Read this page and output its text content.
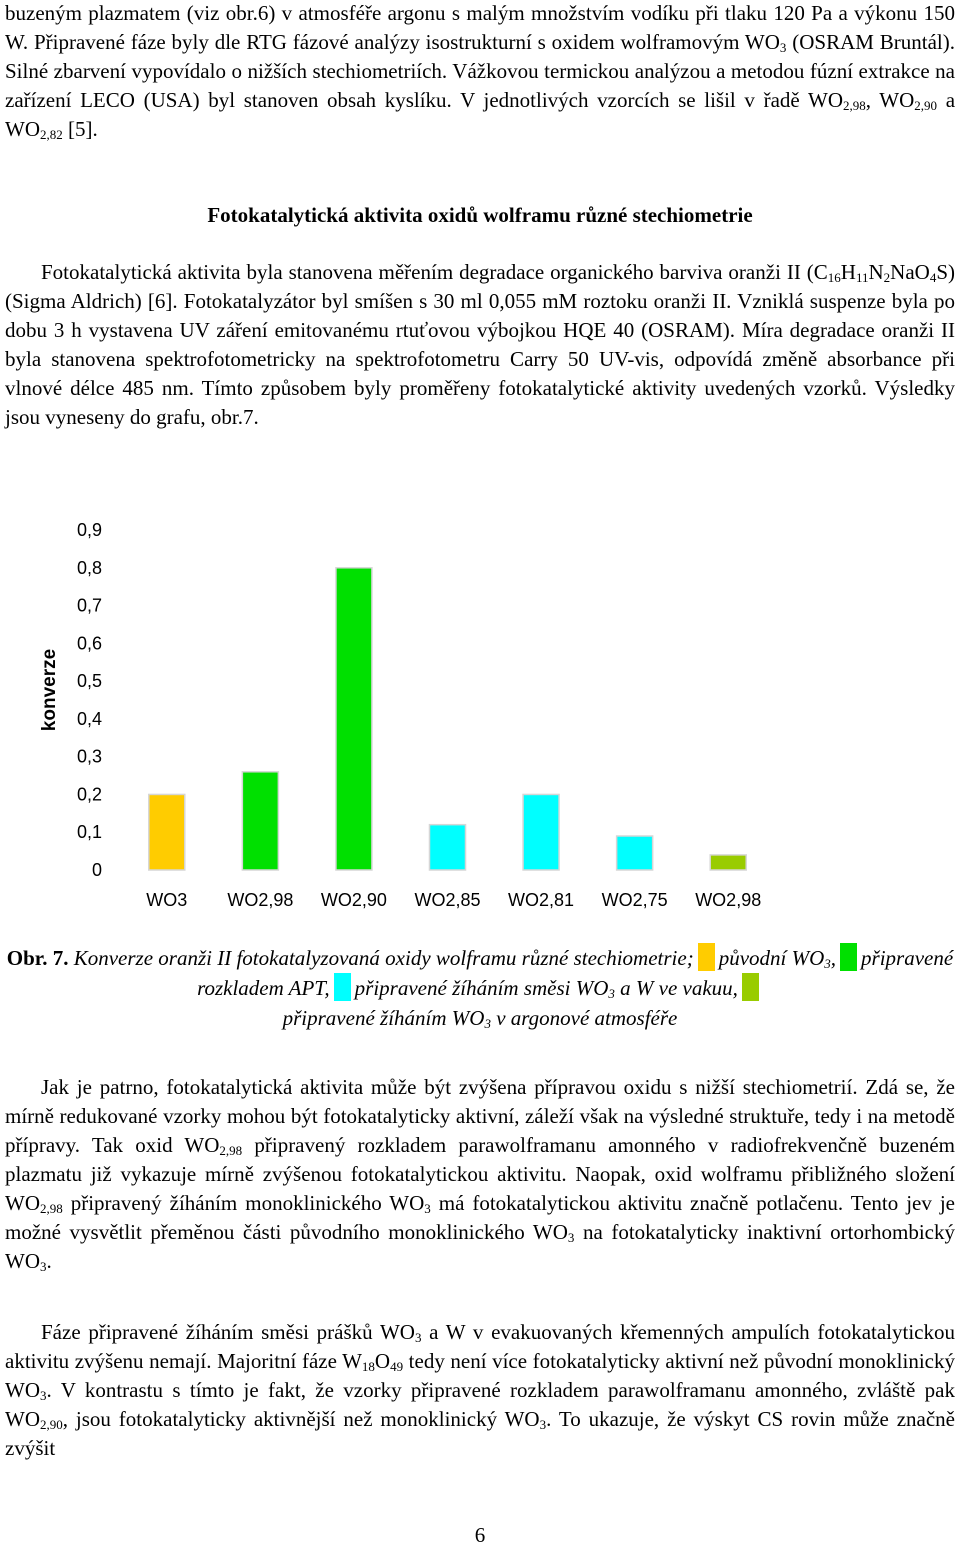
buzeným plazmatem (viz obr.6) v atmosféře argonu s malým množstvím vodíku při tlaku 120 Pa a výkonu 150 W. Připravené fáze byly dle RTG fázové analýzy isostrukturní s oxidem wolframovým $WO_3$ (OSRAM Bruntál). Silné zbarvení vypovídalo o nižších stechiometriích. Vážkovou termickou analýzou a metodou fúzní extrakce na zařízení LECO (USA) byl stanoven obsah kyslíku. V jednotlivých vzorcích se lišil v řadě $WO_{2,98}$, $WO_{2,90}$ a $WO_{2,82}$ [5].

Fotokatalytická aktivita oxidů wolframu různé stechiometrie

Fotokatalytická aktivita byla stanovena měřením degradace organického barviva oranži II $(C_{16}H_{11}N_2NaO_4S)$ (Sigma Aldrich) [6]. Fotokatalyzátor byl smíšen s 30 ml 0,055 mM roztoku oranži II. Vzniklá suspenze byla po dobu 3 h vystavena UV záření emitovanému rtuťovou výbojkou HQE 40 (OSRAM). Míra degradace oranži II byla stanovena spektrofotometricky na spektrofotometru Carry 50 UV-vis, odpovídá změně absorbance při vlnové délce 485 nm. Tímto způsobem byly proměřeny fotokatalytické aktivity uvedených vzorků. Výsledky jsou vyneseny do grafu, obr.7.

0
0,1
0,2
0,3
0,4
0,5
0,6
0,7
0,8
0,9
konverze
WO3 WO2,98 WO2,90 WO2,85 WO2,81 WO2,75 WO2,98

Obr. 7. Konverze oranži II fotokatalyzovaná oxidy wolframu různé stechiometrie; původní $WO_3$, připravené rozkladem APT, připravené žíháním směsi $WO_3$ a W ve vakuu,
připravené žíháním $WO_3$ v argonové atmosféře

Jak je patrno, fotokatalytická aktivita může být zvýšena přípravou oxidu s nižší stechiometrií. Zdá se, že mírně redukované vzorky mohou být fotokatalyticky aktivní, záleží však na výsledné struktuře, tedy i na metodě přípravy. Tak oxid $WO_{2,98}$ připravený rozkladem parawolframanu amonného v radiofrekvenčně buzeném plazmatu již vykazuje mírně zvýšenou fotokatalytickou aktivitu. Naopak, oxid wolframu přibližného složení $WO_{2,98}$ připravený žíháním monoklinického $WO_3$ má fotokatalytickou aktivitu značně potlačenu. Tento jev je možné vysvětlit přeměnou části původního monoklinického $WO_3$ na fotokatalyticky inaktivní ortorhombický $WO_3$.

Fáze připravené žíháním směsi prášků $WO_3$ a W v evakuovaných křemenných ampulích fotokatalytickou aktivitu zvýšenu nemají. Majoritní fáze $W_{18}O_{49}$ tedy není více fotokatalyticky aktivní než původní monoklinický $WO_3$. V kontrastu s tímto je fakt, že vzorky připravené rozkladem parawolframanu amonného, zvláště pak $WO_{2,90}$, jsou fotokatalyticky aktivnější než monoklinický $WO_3$. To ukazuje, že výskyt CS rovin může značně zvýšit

6
